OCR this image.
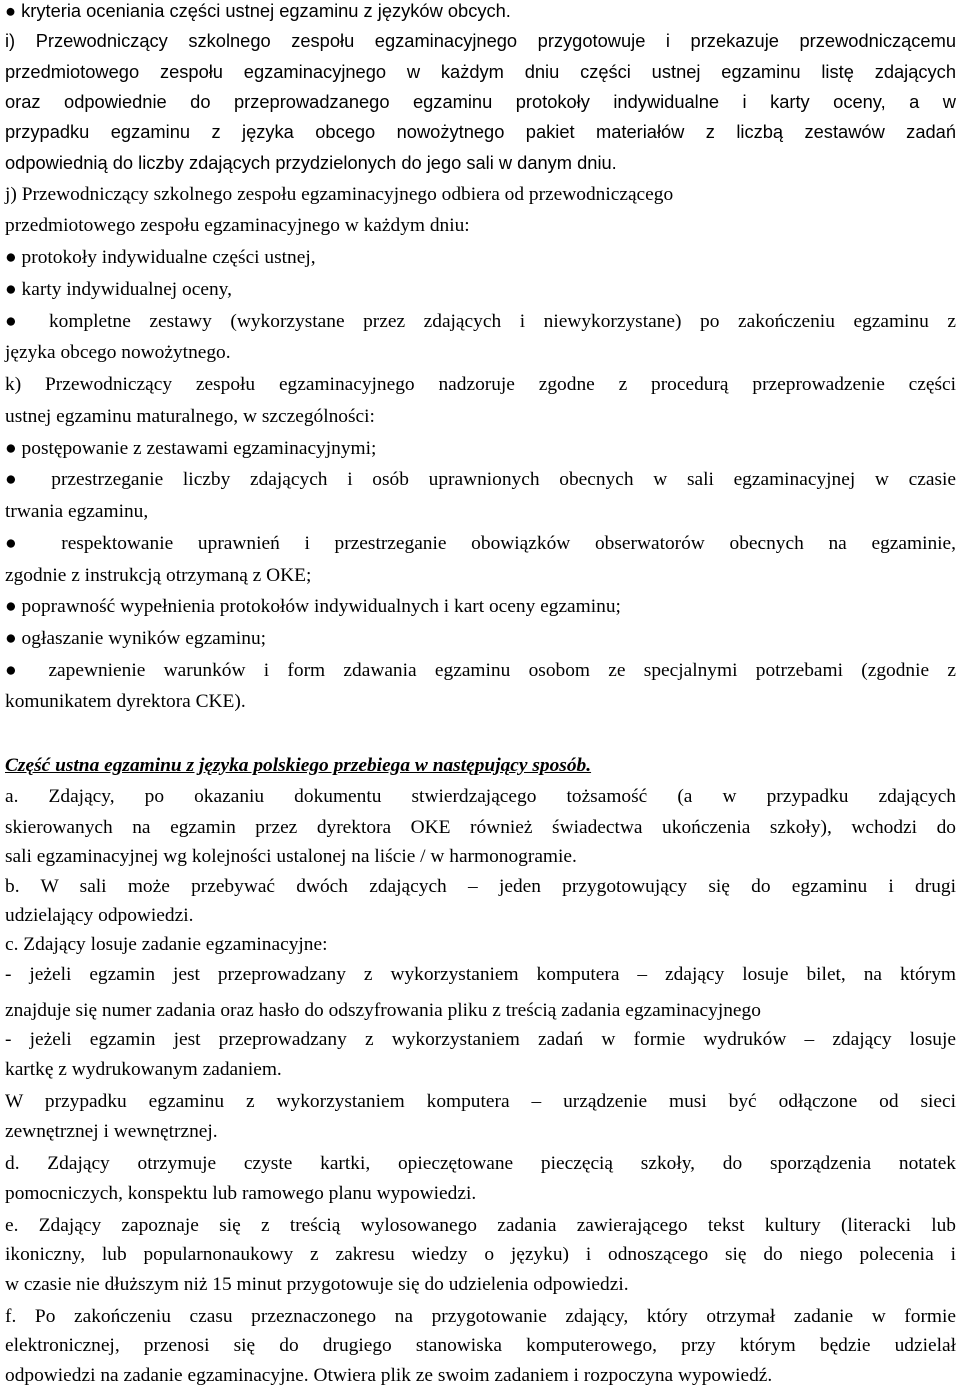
● kryteria oceniania części ustnej egzaminu z języków obcych.
i) Przewodniczący szkolnego zespołu egzaminacyjnego przygotowuje i przekazuje przewodniczącemu
przedmiotowego zespołu egzaminacyjnego w każdym dniu części ustnej egzaminu listę zdających
oraz odpowiednie do przeprowadzanego egzaminu protokoły indywidualne i karty oceny, a w
przypadku egzaminu z języka obcego nowożytnego pakiet materiałów z liczbą zestawów zadań
odpowiednią do liczby zdających przydzielonych do jego sali w danym dniu.
j) Przewodniczący szkolnego zespołu egzaminacyjnego odbiera od przewodniczącego
przedmiotowego zespołu egzaminacyjnego w każdym dniu:
● protokoły indywidualne części ustnej,
● karty indywidualnej oceny,
● kompletne zestawy (wykorzystane przez zdających i niewykorzystane) po zakończeniu egzaminu z
języka obcego nowożytnego.
k) Przewodniczący zespołu egzaminacyjnego nadzoruje zgodne z procedurą przeprowadzenie części
ustnej egzaminu maturalnego, w szczególności:
● postępowanie z zestawami egzaminacyjnymi;
● przestrzeganie liczby zdających i osób uprawnionych obecnych w sali egzaminacyjnej w czasie
trwania egzaminu,
● respektowanie uprawnień i przestrzeganie obowiązków obserwatorów obecnych na egzaminie,
zgodnie z instrukcją otrzymaną z OKE;
● poprawność wypełnienia protokołów indywidualnych i kart oceny egzaminu;
● ogłaszanie wyników egzaminu;
● zapewnienie warunków i form zdawania egzaminu osobom ze specjalnymi potrzebami (zgodnie z
komunikatem dyrektora CKE).
Część ustna egzaminu z języka polskiego przebiega w następujący sposób.
a. Zdający, po okazaniu dokumentu stwierdzającego tożsamość (a w przypadku zdających
skierowanych na egzamin przez dyrektora OKE również świadectwa ukończenia szkoły), wchodzi do
sali egzaminacyjnej wg kolejności ustalonej na liście / w harmonogramie.
b. W sali może przebywać dwóch zdających – jeden przygotowujący się do egzaminu i drugi
udzielający odpowiedzi.
c. Zdający losuje zadanie egzaminacyjne:
- jeżeli egzamin jest przeprowadzany z wykorzystaniem komputera – zdający losuje bilet, na którym
znajduje się numer zadania oraz hasło do odszyfrowania pliku z treścią zadania egzaminacyjnego
- jeżeli egzamin jest przeprowadzany z wykorzystaniem zadań w formie wydruków – zdający losuje
kartkę z wydrukowanym zadaniem.
W przypadku egzaminu z wykorzystaniem komputera – urządzenie musi być odłączone od sieci
zewnętrznej i wewnętrznej.
d. Zdający otrzymuje czyste kartki, opieczętowane pieczęcią szkoły, do sporządzenia notatek
pomocniczych, konspektu lub ramowego planu wypowiedzi.
e. Zdający zapoznaje się z treścią wylosowanego zadania zawierającego tekst kultury (literacki lub
ikoniczny, lub popularnonaukowy z zakresu wiedzy o języku) i odnoszącego się do niego polecenia i
w czasie nie dłuższym niż 15 minut przygotowuje się do udzielenia odpowiedzi.
f. Po zakończeniu czasu przeznaczonego na przygotowanie zdający, który otrzymał zadanie w formie
elektronicznej, przenosi się do drugiego stanowiska komputerowego, przy którym będzie udzielał
odpowiedzi na zadanie egzaminacyjne. Otwiera plik ze swoim zadaniem i rozpoczyna wypowiedź.
